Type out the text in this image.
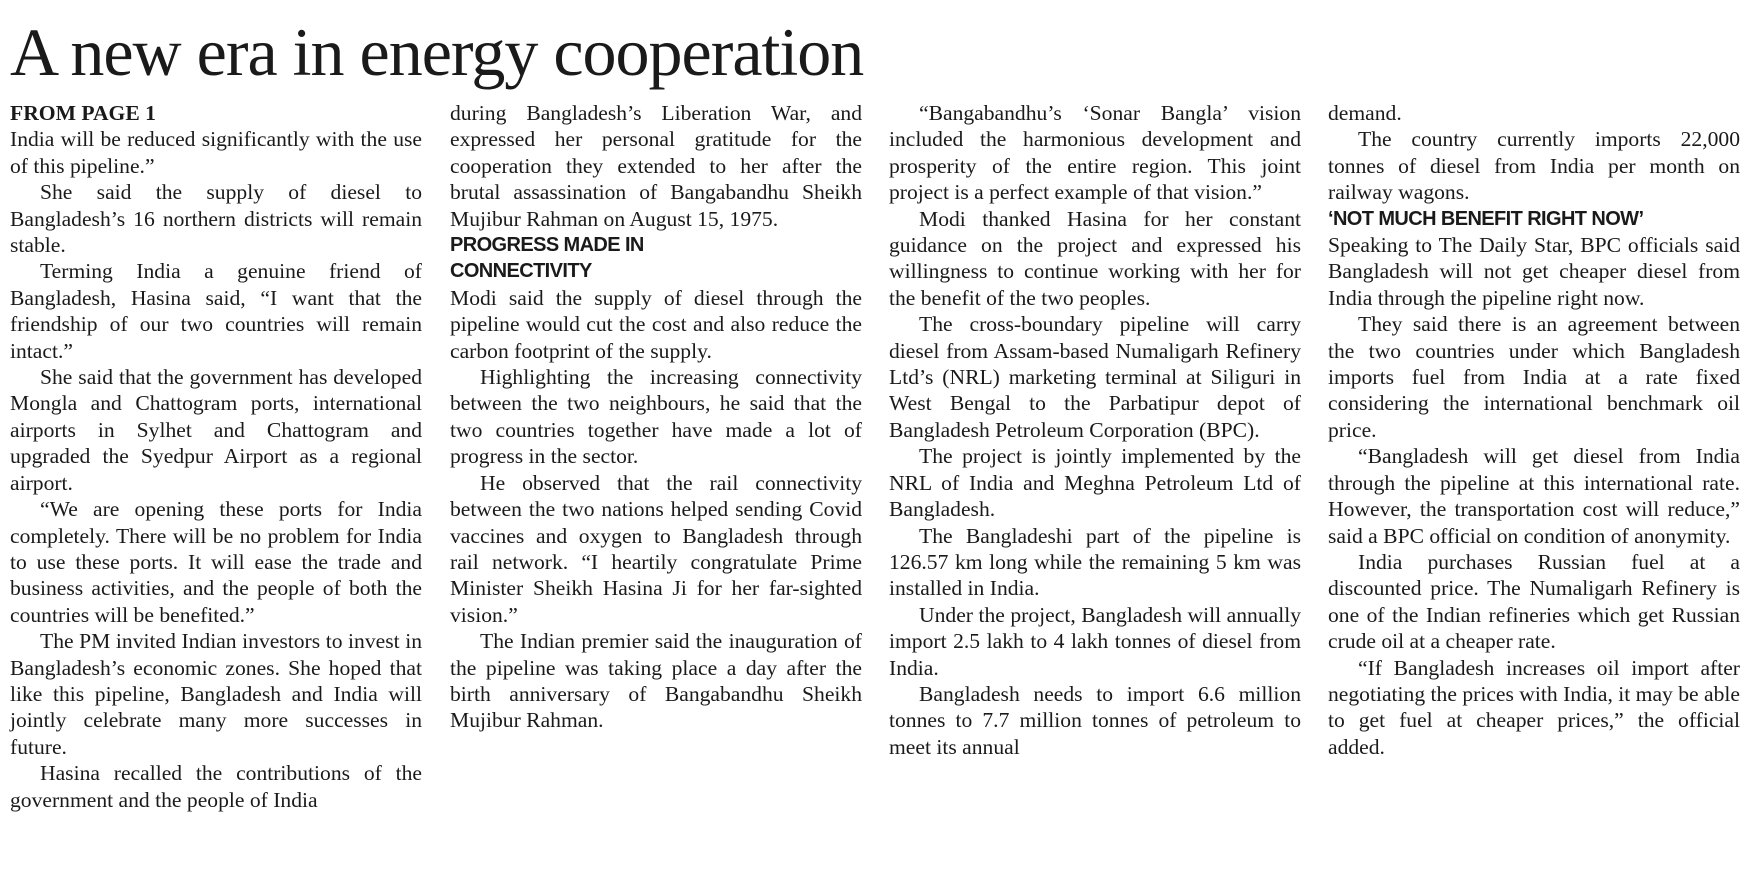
A new era in energy cooperation
FROM PAGE 1

India will be reduced significantly with the use of this pipeline.”

She said the supply of diesel to Bangladesh’s 16 northern districts will remain stable.

Terming India a genuine friend of Bangladesh, Hasina said, “I want that the friendship of our two countries will remain intact.”

She said that the government has developed Mongla and Chattogram ports, international airports in Sylhet and Chattogram and upgraded the Syedpur Airport as a regional airport.

“We are opening these ports for India completely. There will be no problem for India to use these ports. It will ease the trade and business activities, and the people of both the countries will be benefited.”

The PM invited Indian investors to invest in Bangladesh’s economic zones. She hoped that like this pipeline, Bangladesh and India will jointly celebrate many more successes in future.

Hasina recalled the contributions of the government and the people of India

during Bangladesh’s Liberation War, and expressed her personal gratitude for the cooperation they extended to her after the brutal assassination of Bangabandhu Sheikh Mujibur Rahman on August 15, 1975.

PROGRESS MADE IN
CONNECTIVITY

Modi said the supply of diesel through the pipeline would cut the cost and also reduce the carbon footprint of the supply.

Highlighting the increasing connectivity between the two neighbours, he said that the two countries together have made a lot of progress in the sector.

He observed that the rail connectivity between the two nations helped sending Covid vaccines and oxygen to Bangladesh through rail network. “I heartily congratulate Prime Minister Sheikh Hasina Ji for her far-sighted vision.”

The Indian premier said the inauguration of the pipeline was taking place a day after the birth anniversary of Bangabandhu Sheikh Mujibur Rahman.

“Bangabandhu’s ‘Sonar Bangla’ vision included the harmonious development and prosperity of the entire region. This joint project is a perfect example of that vision.”

Modi thanked Hasina for her constant guidance on the project and expressed his willingness to continue working with her for the benefit of the two peoples.

The cross-boundary pipeline will carry diesel from Assam-based Numaligarh Refinery Ltd’s (NRL) marketing terminal at Siliguri in West Bengal to the Parbatipur depot of Bangladesh Petroleum Corporation (BPC).

The project is jointly implemented by the NRL of India and Meghna Petroleum Ltd of Bangladesh.

The Bangladeshi part of the pipeline is 126.57 km long while the remaining 5 km was installed in India.

Under the project, Bangladesh will annually import 2.5 lakh to 4 lakh tonnes of diesel from India.

Bangladesh needs to import 6.6 million tonnes to 7.7 million tonnes of petroleum to meet its annual

demand.

The country currently imports 22,000 tonnes of diesel from India per month on railway wagons.

‘NOT MUCH BENEFIT RIGHT NOW’

Speaking to The Daily Star, BPC officials said Bangladesh will not get cheaper diesel from India through the pipeline right now.

They said there is an agreement between the two countries under which Bangladesh imports fuel from India at a rate fixed considering the international benchmark oil price.

“Bangladesh will get diesel from India through the pipeline at this international rate. However, the transportation cost will reduce,” said a BPC official on condition of anonymity.

India purchases Russian fuel at a discounted price. The Numaligarh Refinery is one of the Indian refineries which get Russian crude oil at a cheaper rate.

“If Bangladesh increases oil import after negotiating the prices with India, it may be able to get fuel at cheaper prices,” the official added.
